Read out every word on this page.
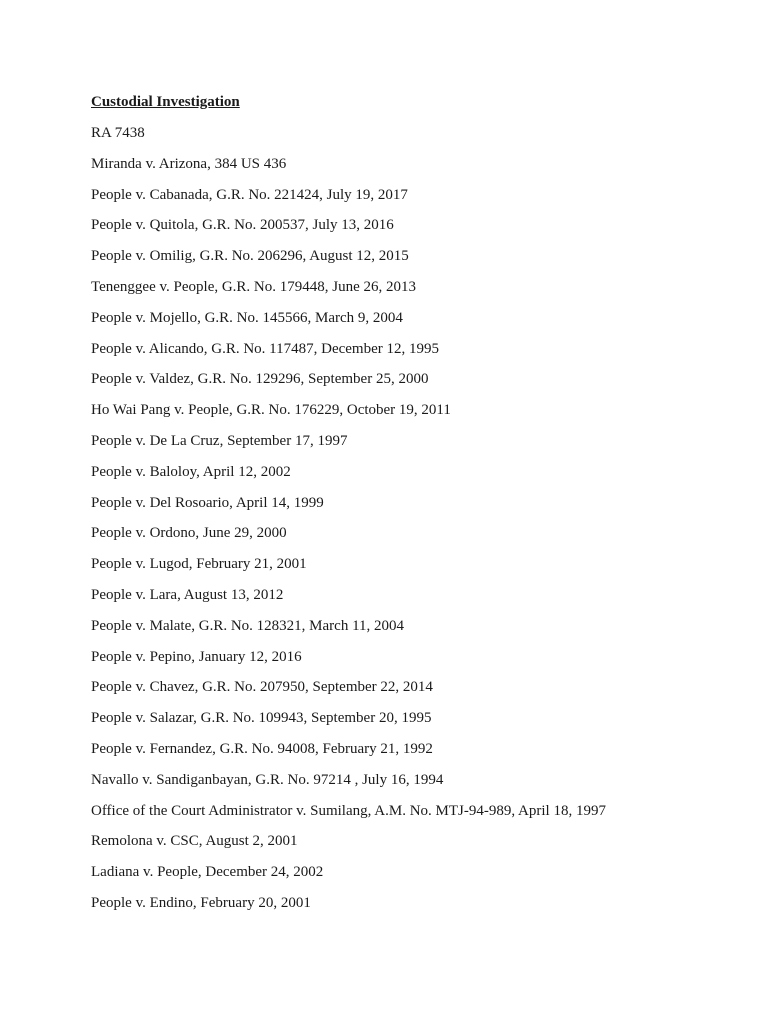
Custodial Investigation
RA 7438
Miranda v. Arizona, 384 US 436
People v. Cabanada, G.R. No. 221424, July 19, 2017
People v. Quitola, G.R. No. 200537, July 13, 2016
People v. Omilig, G.R. No. 206296, August 12, 2015
Tenenggee v. People, G.R. No. 179448, June 26, 2013
People v. Mojello, G.R. No. 145566, March 9, 2004
People v. Alicando, G.R. No. 117487, December 12, 1995
People v. Valdez, G.R. No. 129296, September 25, 2000
Ho Wai Pang v. People, G.R. No. 176229, October 19, 2011
People v. De La Cruz, September 17, 1997
People v. Baloloy, April 12, 2002
People v. Del Rosoario, April 14, 1999
People v. Ordono, June 29, 2000
People v. Lugod, February 21, 2001
People v. Lara, August 13, 2012
People v. Malate, G.R. No. 128321, March 11, 2004
People v. Pepino, January 12, 2016
People v. Chavez, G.R. No. 207950, September 22, 2014
People v. Salazar, G.R. No. 109943, September 20, 1995
People v. Fernandez, G.R. No. 94008, February 21, 1992
Navallo v. Sandiganbayan, G.R. No. 97214 , July 16, 1994
Office of the Court Administrator v. Sumilang, A.M. No. MTJ-94-989, April 18, 1997
Remolona v. CSC, August 2, 2001
Ladiana v. People, December 24, 2002
People v. Endino, February 20, 2001
